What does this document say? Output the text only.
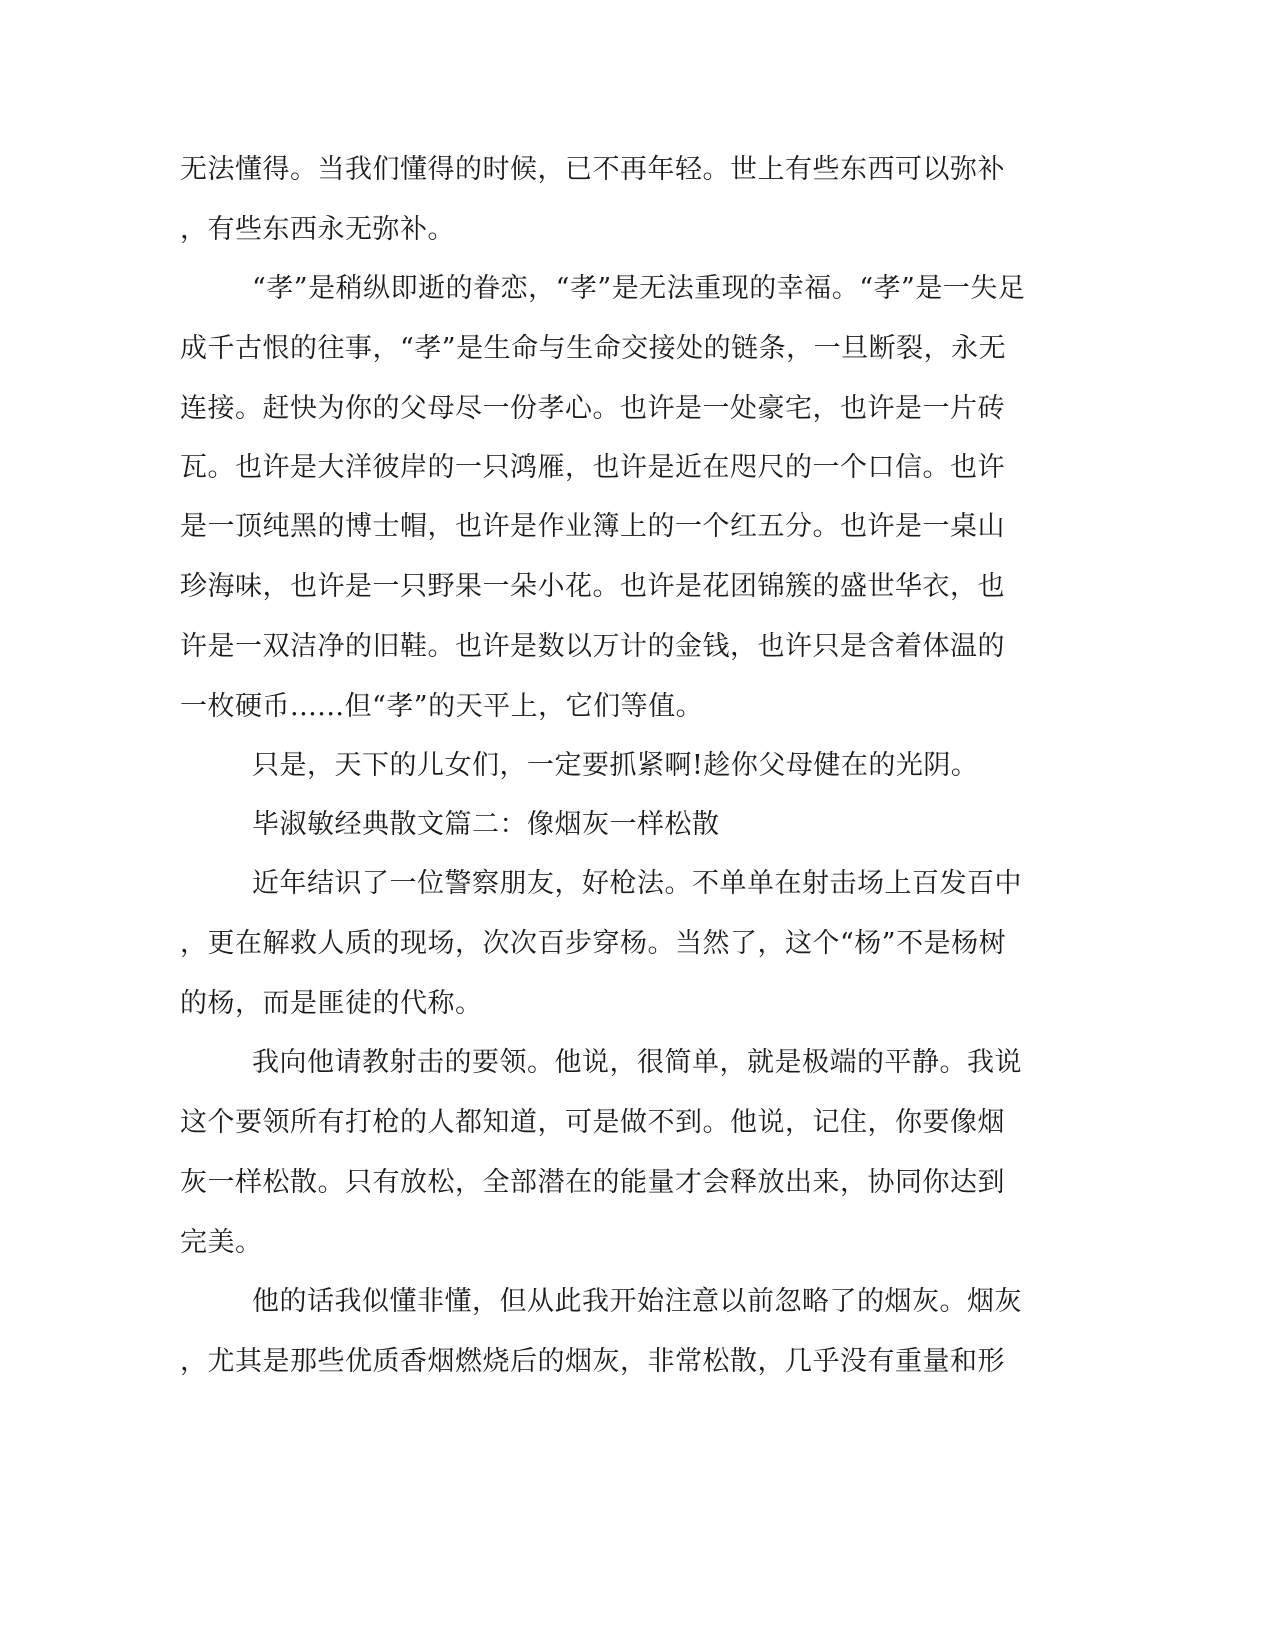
无法懂得。当我们懂得的时候，已不再年轻。世上有些东西可以弥补
，有些东西永无弥补。
“孝”是稍纵即逝的眷恋，“孝”是无法重现的幸福。“孝”是一失足
成千古恨的往事，“孝”是生命与生命交接处的链条，一旦断裂，永无
连接。赶快为你的父母尽一份孝心。也许是一处豪宅，也许是一片砖
瓦。也许是大洋彼岸的一只鸿雁，也许是近在咫尺的一个口信。也许
是一顶纯黑的博士帽，也许是作业簿上的一个红五分。也许是一桌山
珍海味，也许是一只野果一朵小花。也许是花团锦簇的盛世华衣，也
许是一双洁净的旧鞋。也许是数以万计的金钱，也许只是含着体温的
一枚硬币......但“孝”的天平上，它们等值。
只是，天下的儿女们，一定要抓紧啊!趁你父母健在的光阴。
毕淑敏经典散文篇二：像烟灰一样松散
近年结识了一位警察朋友，好枪法。不单单在射击场上百发百中
，更在解救人质的现场，次次百步穿杨。当然了，这个“杨”不是杨树
的杨，而是匪徒的代称。
我向他请教射击的要领。他说，很简单，就是极端的平静。我说
这个要领所有打枪的人都知道，可是做不到。他说，记住，你要像烟
灰一样松散。只有放松，全部潜在的能量才会释放出来，协同你达到
完美。
他的话我似懂非懂，但从此我开始注意以前忽略了的烟灰。烟灰
，尤其是那些优质香烟燃烧后的烟灰，非常松散，几乎没有重量和形
